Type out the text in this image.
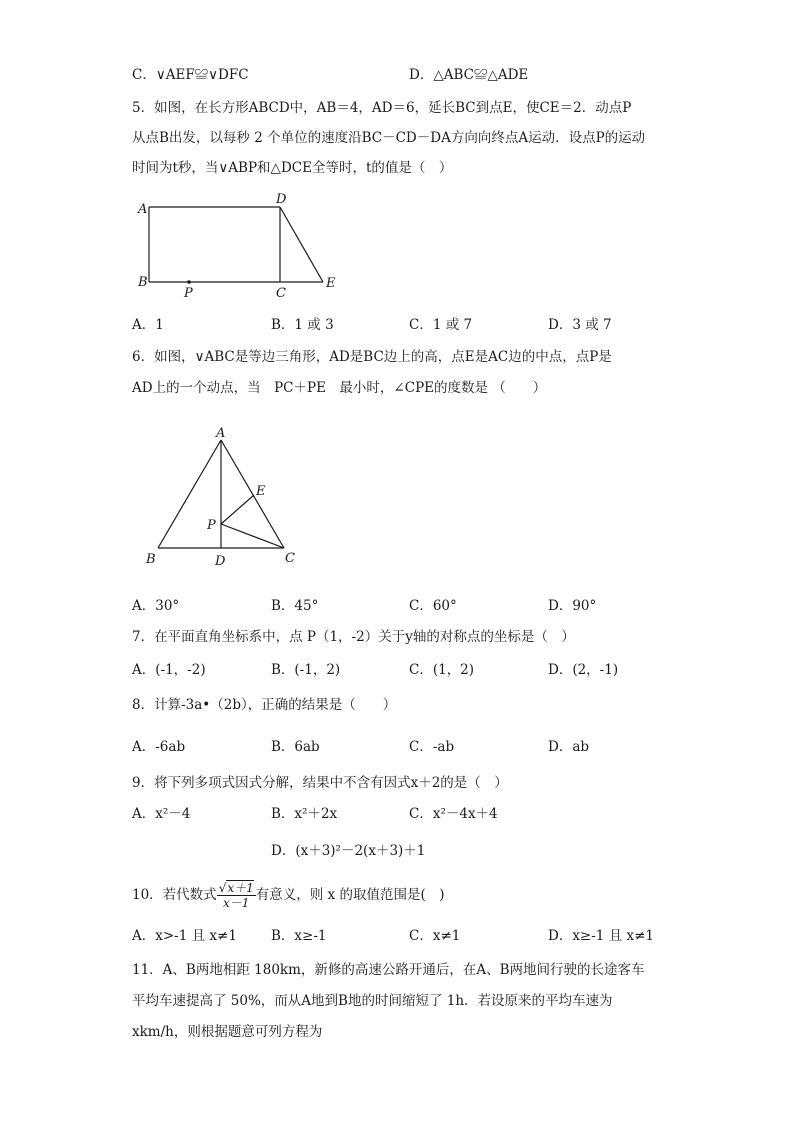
C．∨AEF≌∨DFC	D．△ABC≌△ADE
5．如图，在长方形ABCD中，AB＝4，AD＝6，延长BC到点E，使CE＝2．动点P
从点B出发，以每秒 2 个单位的速度沿BC－CD－DA方向向终点A运动．设点P的运动
时间为t秒，当∨ABP和△DCE全等时，t的值是（　）
A
D
B
P	C
E
A．1	B．1 或 3	C．1 或 7	D．3 或 7
6．如图，∨ABC是等边三角形，AD是BC边上的高，点E是AC边的中点，点P是
AD上的一个动点，当　PC＋PE　最小时，∠CPE的度数是 （　　）
A
E
P
B	D	C
A．30°	B．45°	C．60°	D．90°
7．在平面直角坐标系中，点 P（1，-2）关于y轴的对称点的坐标是（　）
A．(-1，-2)	B．(-1，2)	C．(1，2)	D．(2，-1)
8．计算-3a•（2b），正确的结果是（　　）
A．-6ab	B．6ab	C．-ab	D．ab
9．将下列多项式因式分解，结果中不含有因式x＋2的是（　）
A．x²－4	B．x²＋2x	C．x²－4x＋4
D．(x＋3)²－2(x＋3)＋1
10．若代数式 $\frac{√x+1}{x-1}$ 有意义，则 x 的取值范围是(　)
A．x>-1 且 x≠1	B．x≥-1	C．x≠1	D．x≥-1 且 x≠1
11．A、B两地相距 180km，新修的高速公路开通后，在A、B两地间行驶的长途客车
平均车速提高了 50%，而从A地到B地的时间缩短了 1h．若设原来的平均车速为
xkm/h，则根据题意可列方程为
